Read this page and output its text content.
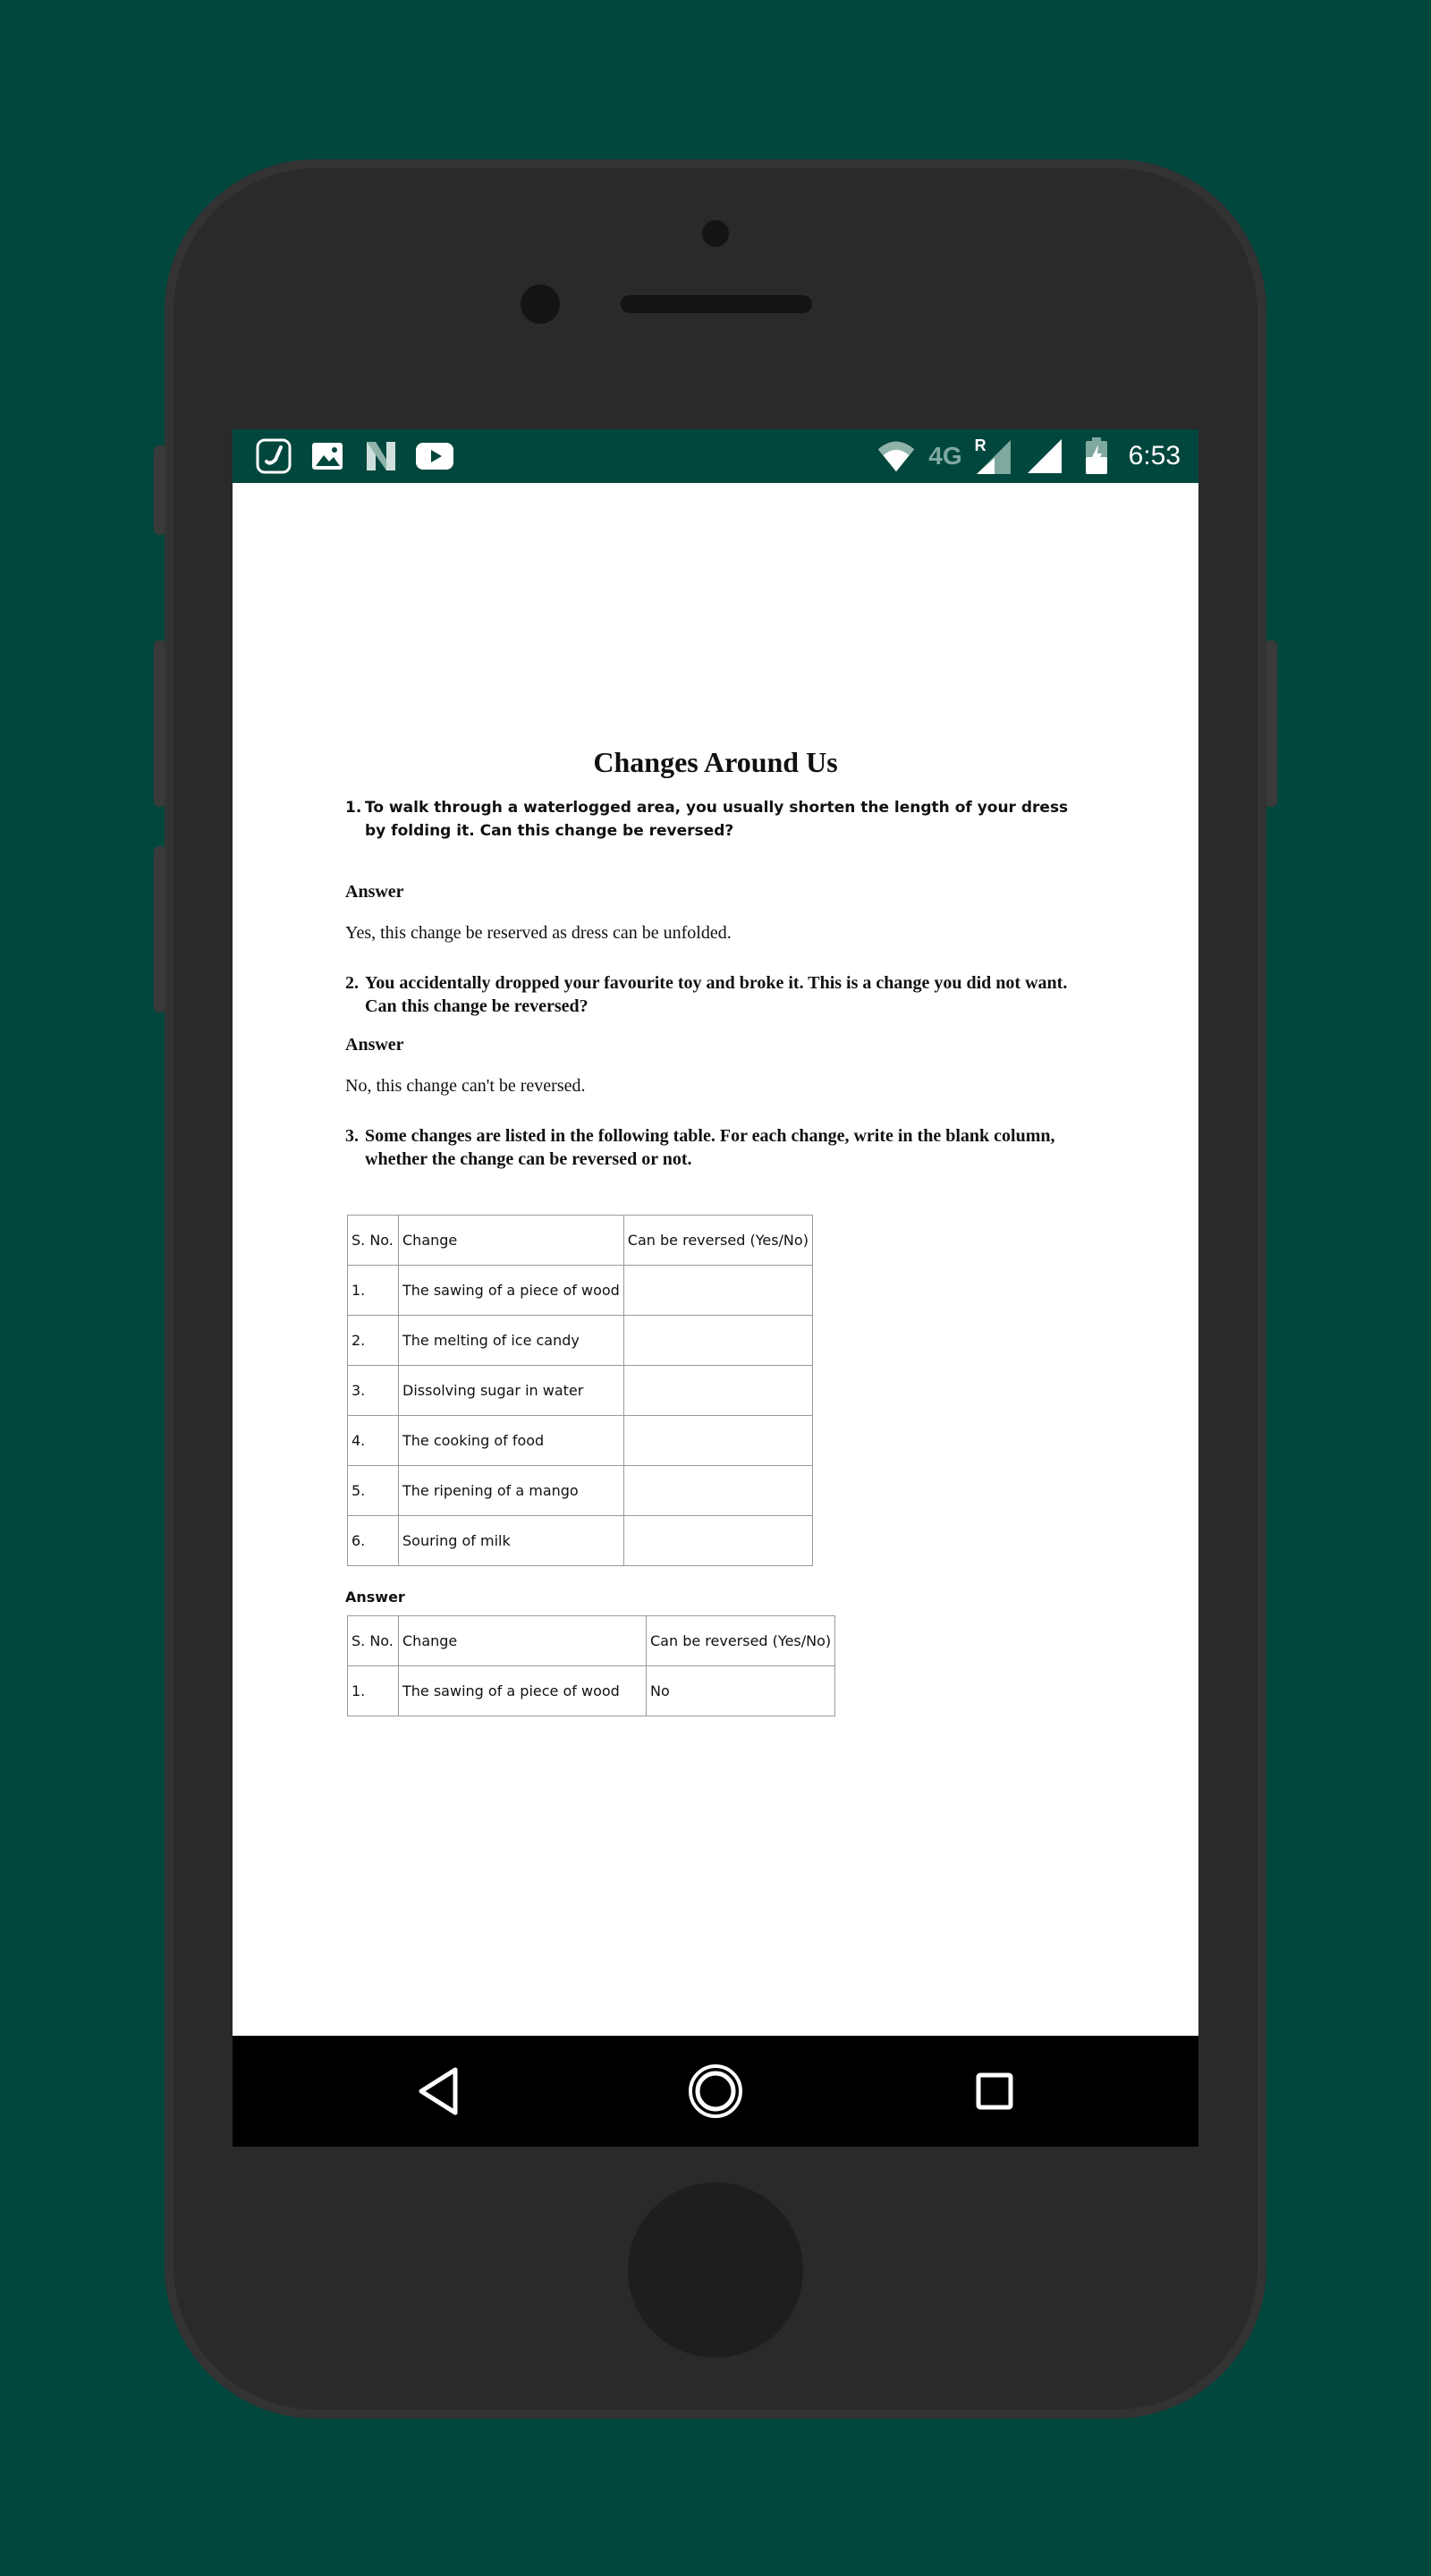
4G R	6:53
Changes Around Us
1. To walk through a waterlogged area, you usually shorten the length of your dress by folding it. Can this change be reversed?
Answer
Yes, this change be reserved as dress can be unfolded.
2. You accidentally dropped your favourite toy and broke it. This is a change you did not want. Can this change be reversed?
Answer
No, this change can't be reversed.
3. Some changes are listed in the following table. For each change, write in the blank column, whether the change can be reversed or not.
S. No.	Change	Can be reversed (Yes/No)
1.	The sawing of a piece of wood	
2.	The melting of ice candy	
3.	Dissolving sugar in water	
4.	The cooking of food	
5.	The ripening of a mango	
6.	Souring of milk	
Answer
S. No.	Change	Can be reversed (Yes/No)
1.	The sawing of a piece of wood	No
